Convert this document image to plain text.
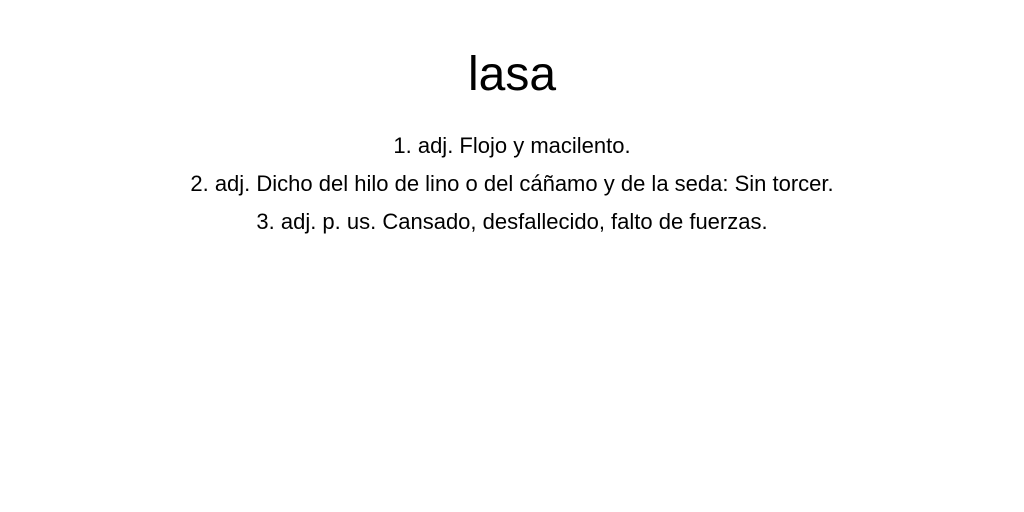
lasa
1. adj. Flojo y macilento.
2. adj. Dicho del hilo de lino o del cáñamo y de la seda: Sin torcer.
3. adj. p. us. Cansado, desfallecido, falto de fuerzas.
